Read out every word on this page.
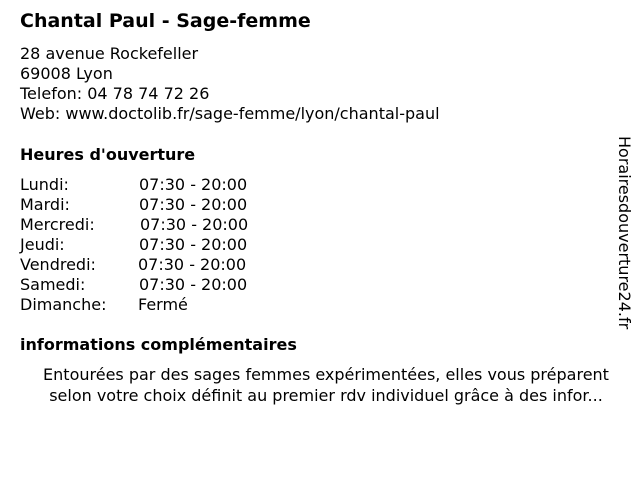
Chantal Paul - Sage-femme
28 avenue Rockefeller
69008 Lyon
Telefon: 04 78 74 72 26
Web: www.doctolib.fr/sage-femme/lyon/chantal-paul
Heures d'ouverture
Lundi:	07:30 - 20:00
Mardi:	07:30 - 20:00
Mercredi:	07:30 - 20:00
Jeudi:	07:30 - 20:00
Vendredi:	07:30 - 20:00
Samedi:	07:30 - 20:00
Dimanche: Fermé
informations complémentaires
Entourées par des sages femmes expérimentées, elles vous préparent
selon votre choix définit au premier rdv individuel grâce à des infor...
Horairesdouverture24.fr
